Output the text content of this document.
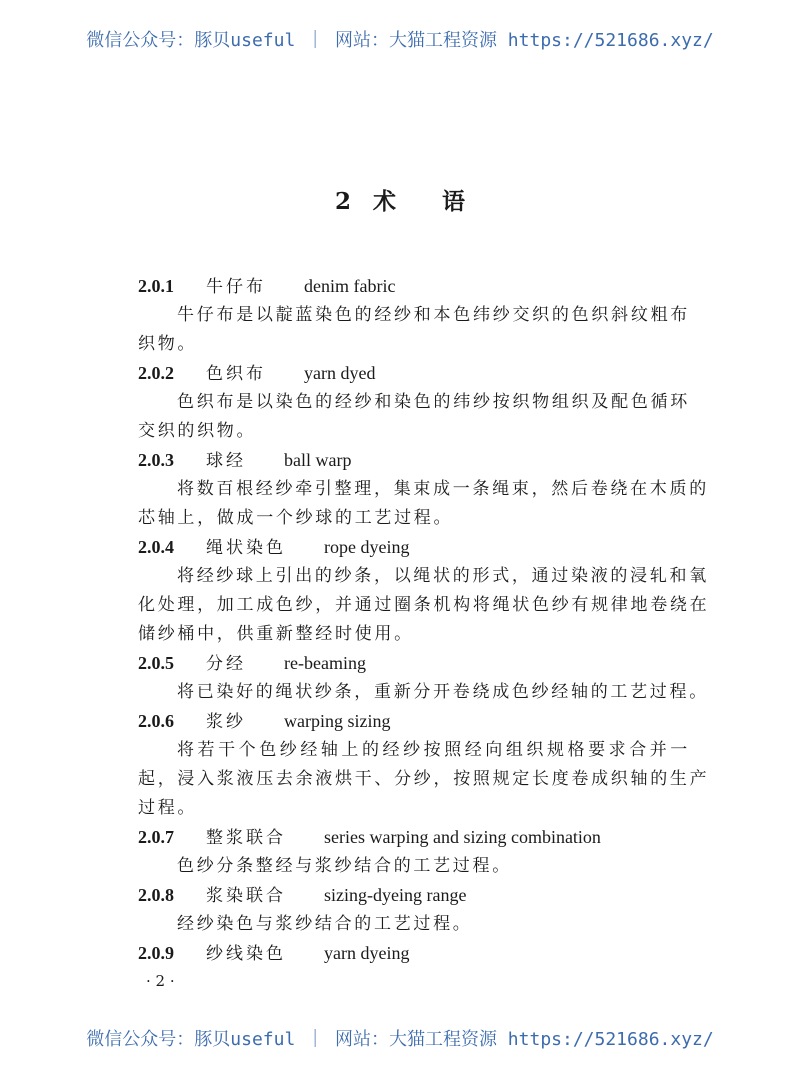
微信公众号：豚贝useful ｜ 网站：大猫工程资源 https://521686.xyz/
2 术 语
2.0.1 牛仔布 denim fabric
牛仔布是以靛蓝染色的经纱和本色纬纱交织的色织斜纹粗布
织物。
2.0.2 色织布 yarn dyed
色织布是以染色的经纱和染色的纬纱按织物组织及配色循环
交织的织物。
2.0.3 球经 ball warp
将数百根经纱牵引整理，集束成一条绳束，然后卷绕在木质的
芯轴上，做成一个纱球的工艺过程。
2.0.4 绳状染色 rope dyeing
将经纱球上引出的纱条，以绳状的形式，通过染液的浸轧和氧
化处理，加工成色纱，并通过圈条机构将绳状色纱有规律地卷绕在
储纱桶中，供重新整经时使用。
2.0.5 分经 re-beaming
将已染好的绳状纱条，重新分开卷绕成色纱经轴的工艺过程。
2.0.6 浆纱 warping sizing
将若干个色纱经轴上的经纱按照经向组织规格要求合并一
起，浸入浆液压去余液烘干、分纱，按照规定长度卷成织轴的生产
过程。
2.0.7 整浆联合 series warping and sizing combination
色纱分条整经与浆纱结合的工艺过程。
2.0.8 浆染联合 sizing-dyeing range
经纱染色与浆纱结合的工艺过程。
2.0.9 纱线染色 yarn dyeing
· 2 ·
微信公众号：豚贝useful ｜ 网站：大猫工程资源 https://521686.xyz/
